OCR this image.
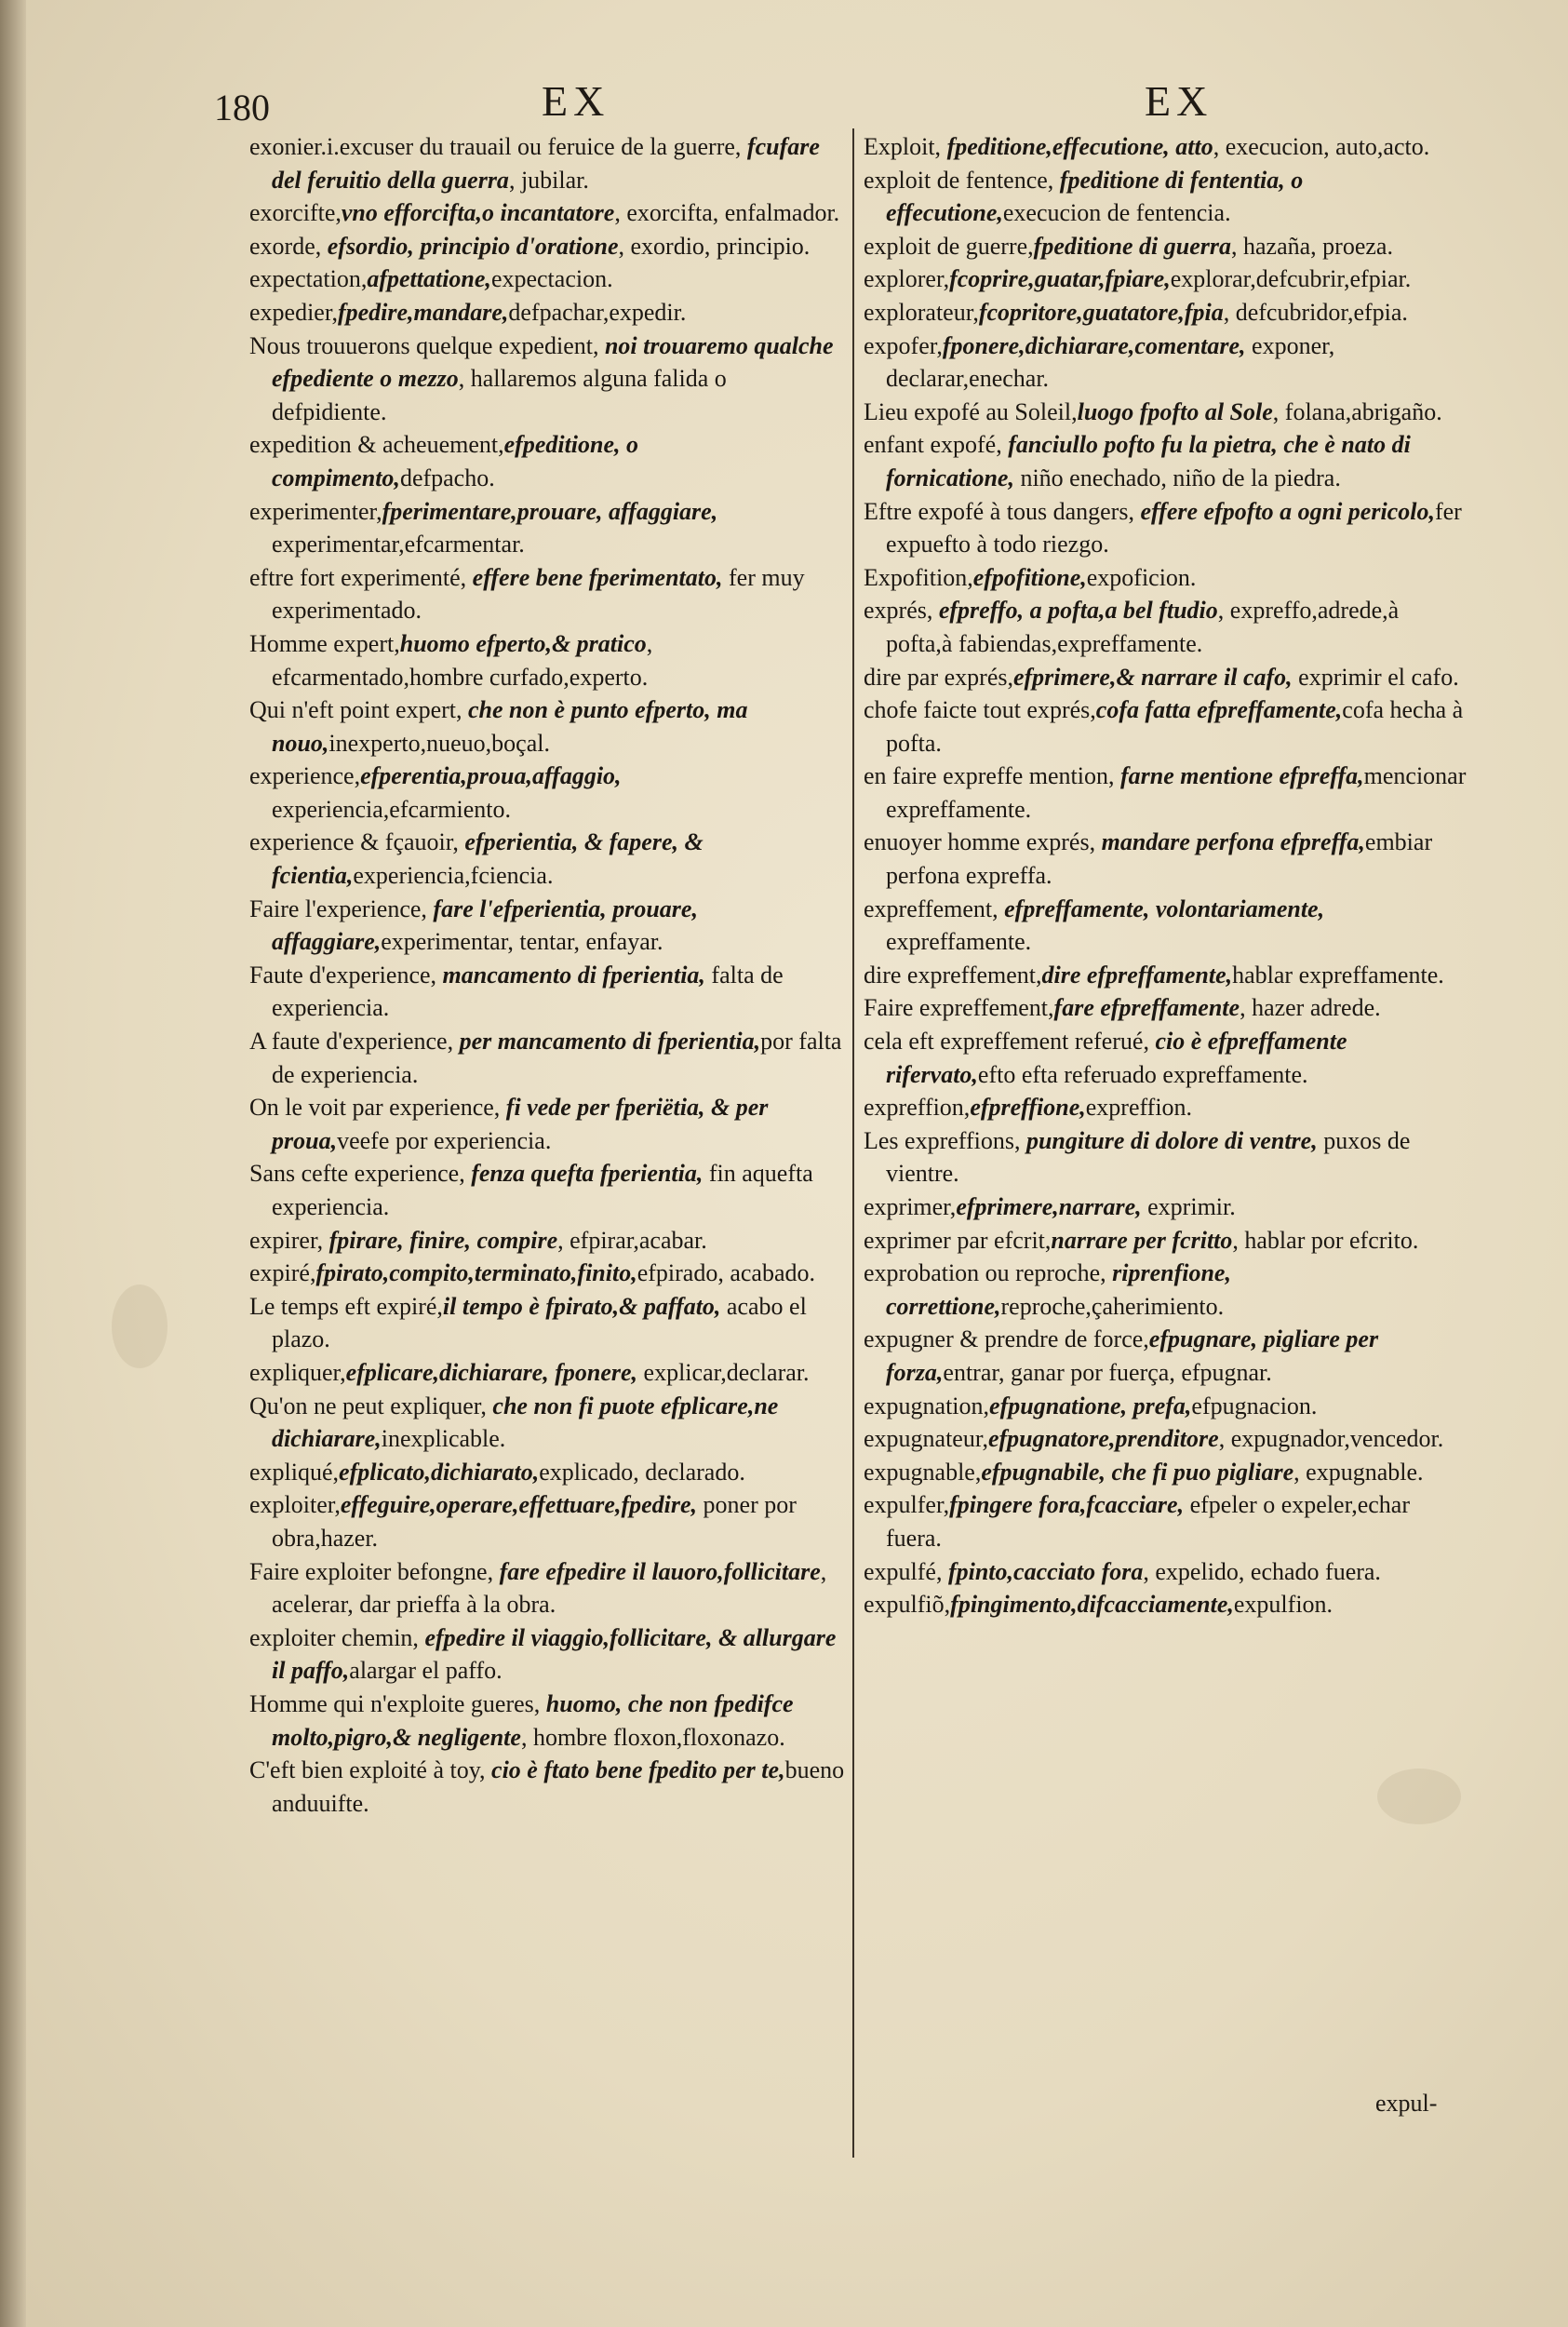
180	EX	EX

exonier.i.excuser du trauail ou feruice de la guerre, fcufare del feruitio della guerra, jubilar.

exorcifte,vno efforcifta,o incantatore, exorcifta, enfalmador.

exorde, efsordio, principio d'oratione, exordio, principio.

expectation,afpettatione,expectacion.

expedier,fpedire,mandare,defpachar,expedir.

Nous trouuerons quelque expedient, noi trouaremo qualche efpediente o mezzo, hallaremos alguna falida o defpidiente.

expedition & acheuement,efpeditione, o compimento,defpacho.

experimenter,fperimentare,prouare, affaggiare, experimentar,efcarmentar.

eftre fort experimenté, effere bene fperimentato, fer muy experimentado.

Homme expert,huomo efperto,& pratico, efcarmentado,hombre curfado,experto.

Qui n'eft point expert, che non è punto efperto, ma nouo,inexperto,nueuo,boçal.

experience,efperentia,proua,affaggio, experiencia,efcarmiento.

experience & fçauoir, efperientia, & fapere, & fcientia,experiencia,fciencia.

Faire l'experience, fare l'efperientia, prouare, affaggiare,experimentar, tentar, enfayar.

Faute d'experience, mancamento di fperientia, falta de experiencia.

A faute d'experience, per mancamento di fperientia,por falta de experiencia.

On le voit par experience, fi vede per fperiëtia, & per proua,veefe por experiencia.

Sans cefte experience, fenza quefta fperientia, fin aquefta experiencia.

expirer, fpirare, finire, compire, efpirar,acabar.

expiré,fpirato,compito,terminato,finito,efpirado, acabado.

Le temps eft expiré,il tempo è fpirato,& paffato, acabo el plazo.

expliquer,efplicare,dichiarare, fponere, explicar,declarar.

Qu'on ne peut expliquer, che non fi puote efplicare,ne dichiarare,inexplicable.

expliqué,efplicato,dichiarato,explicado, declarado.

exploiter,effeguire,operare,effettuare,fpedire, poner por obra,hazer.

Faire exploiter befongne, fare efpedire il lauoro,follicitare, acelerar, dar prieffa à la obra.

exploiter chemin, efpedire il viaggio,follicitare, & allurgare il paffo,alargar el paffo.

Homme qui n'exploite gueres, huomo, che non fpedifce molto,pigro,& negligente, hombre floxon,floxonazo.

C'eft bien exploité à toy, cio è ftato bene fpedito per te,bueno anduuifte.

Exploit, fpeditione,effecutione, atto, execucion, auto,acto.

exploit de fentence, fpeditione di fententia, o effecutione,execucion de fentencia.

exploit de guerre,fpeditione di guerra, hazaña, proeza.

explorer,fcoprire,guatar,fpiare,explorar,defcubrir,efpiar.

explorateur,fcopritore,guatatore,fpia, defcubridor,efpia.

expofer,fponere,dichiarare,comentare, exponer, declarar,enechar.

Lieu expofé au Soleil,luogo fpofto al Sole, folana,abrigaño.

enfant expofé, fanciullo pofto fu la pietra, che è nato di fornicatione, niño enechado, niño de la piedra.

Eftre expofé à tous dangers, effere efpofto a ogni pericolo,fer expuefto à todo riezgo.

Expofition,efpofitione,expoficion.

exprés, efpreffo, a pofta,a bel ftudio, expreffo,adrede,à pofta,à fabiendas,expreffamente.

dire par exprés,efprimere,& narrare il cafo, exprimir el cafo.

chofe faicte tout exprés,cofa fatta efpreffamente,cofa hecha à pofta.

en faire expreffe mention, farne mentione efpreffa,mencionar expreffamente.

enuoyer homme exprés, mandare perfona efpreffa,embiar perfona expreffa.

expreffement, efpreffamente, volontariamente, expreffamente.

dire expreffement,dire efpreffamente,hablar expreffamente.

Faire expreffement,fare efpreffamente, hazer adrede.

cela eft expreffement referué, cio è efpreffamente rifervato,efto efta referuado expreffamente.

expreffion,efpreffione,expreffion.

Les expreffions, pungiture di dolore di ventre, puxos de vientre.

exprimer,efprimere,narrare, exprimir.

exprimer par efcrit,narrare per fcritto, hablar por efcrito.

exprobation ou reproche, riprenfione, correttione,reproche,çaherimiento.

expugner & prendre de force,efpugnare, pigliare per forza,entrar, ganar por fuerça, efpugnar.

expugnation,efpugnatione, prefa,efpugnacion.

expugnateur,efpugnatore,prenditore, expugnador,vencedor.

expugnable,efpugnabile, che fi puo pigliare, expugnable.

expulfer,fpingere fora,fcacciare, efpeler o expeler,echar fuera.

expulfé, fpinto,cacciato fora, expelido, echado fuera.

expulfiõ,fpingimento,difcacciamente,expulfion.

expul-
